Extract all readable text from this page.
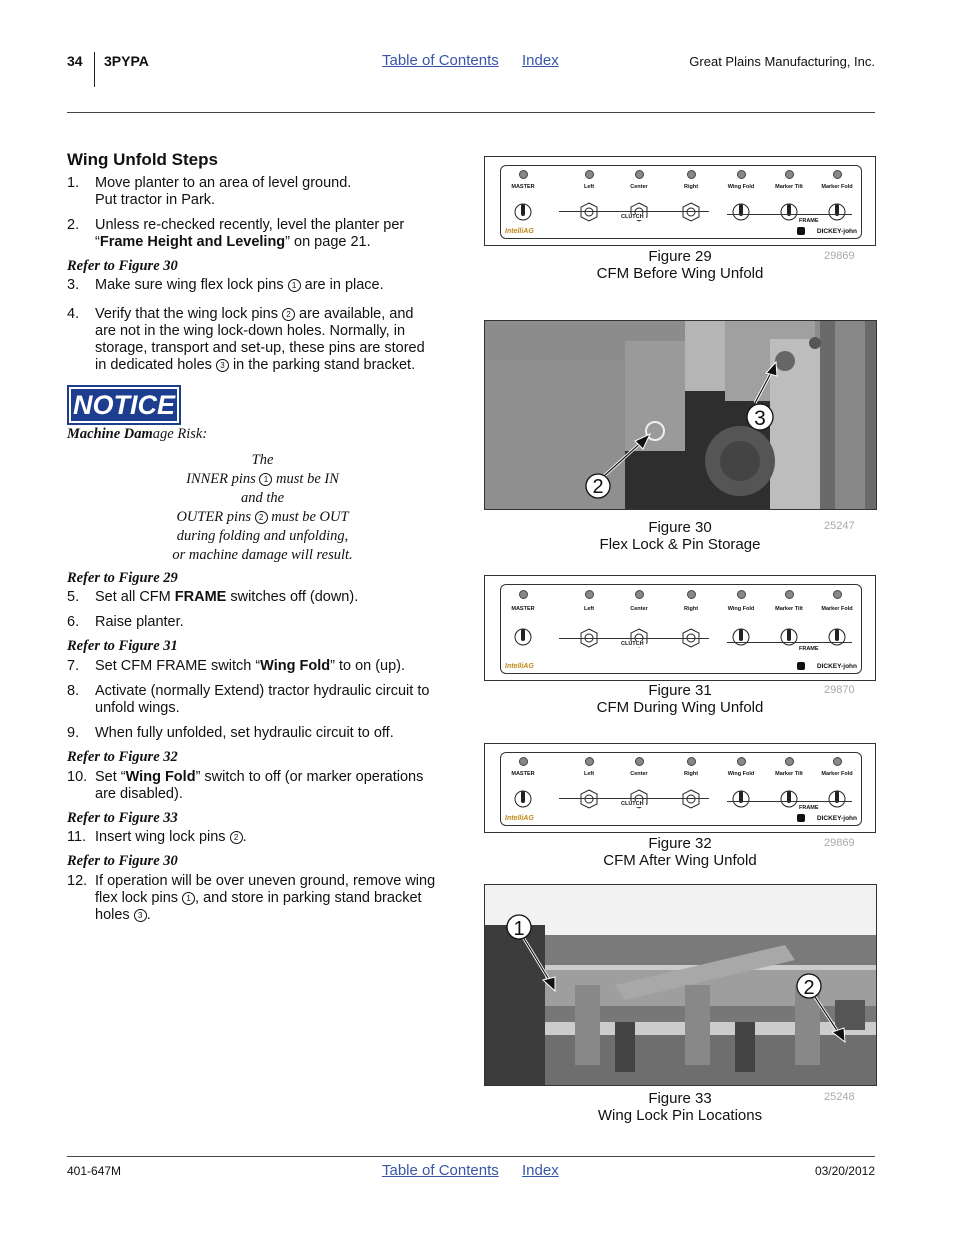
34 3PYPA	Table of Contents Index	Great Plains Manufacturing, Inc.
Wing Unfold Steps
1. Move planter to an area of level ground.
Put tractor in Park.
2. Unless re-checked recently, level the planter per
“Frame Height and Leveling” on page 21.
Refer to Figure 30
3. Make sure wing flex lock pins 1 are in place.
4. Verify that the wing lock pins 2 are available, and
are not in the wing lock-down holes. Normally, in
storage, transport and set-up, these pins are stored
in dedicated holes 3 in the parking stand bracket.
NOTICE
Machine Damage Risk:
The
INNER pins 1 must be IN
and the
OUTER pins 2 must be OUT
during folding and unfolding,
or machine damage will result.
Refer to Figure 29
5. Set all CFM FRAME switches off (down).
6. Raise planter.
Refer to Figure 31
7. Set CFM FRAME switch “Wing Fold” to on (up).
8. Activate (normally Extend) tractor hydraulic circuit to
unfold wings.
9. When fully unfolded, set hydraulic circuit to off.
Refer to Figure 32
10. Set “Wing Fold” switch to off (or marker operations
are disabled).
Refer to Figure 33
11. Insert wing lock pins 2 .
Refer to Figure 30
12. If operation will be over uneven ground, remove wing
flex lock pins 1 , and store in parking stand bracket
holes 3 .
MASTER	Left	Center	Right	Wing Fold	Marker Tilt	Marker Fold
CLUTCH
FRAME
IntelliAG	DICKEY-john
Figure 29
CFM Before Wing Unfold
29869
2
3
Figure 30
Flex Lock & Pin Storage
25247
MASTER	Left	Center	Right	Wing Fold	Marker Tilt	Marker Fold
CLUTCH
FRAME
IntelliAG	DICKEY-john
Figure 31
CFM During Wing Unfold
29870
MASTER	Left	Center	Right	Wing Fold	Marker Tilt	Marker Fold
CLUTCH
FRAME
IntelliAG	DICKEY-john
Figure 32
CFM After Wing Unfold
29869
1
2
Figure 33
Wing Lock Pin Locations
25248
401-647M	Table of Contents Index	03/20/2012
